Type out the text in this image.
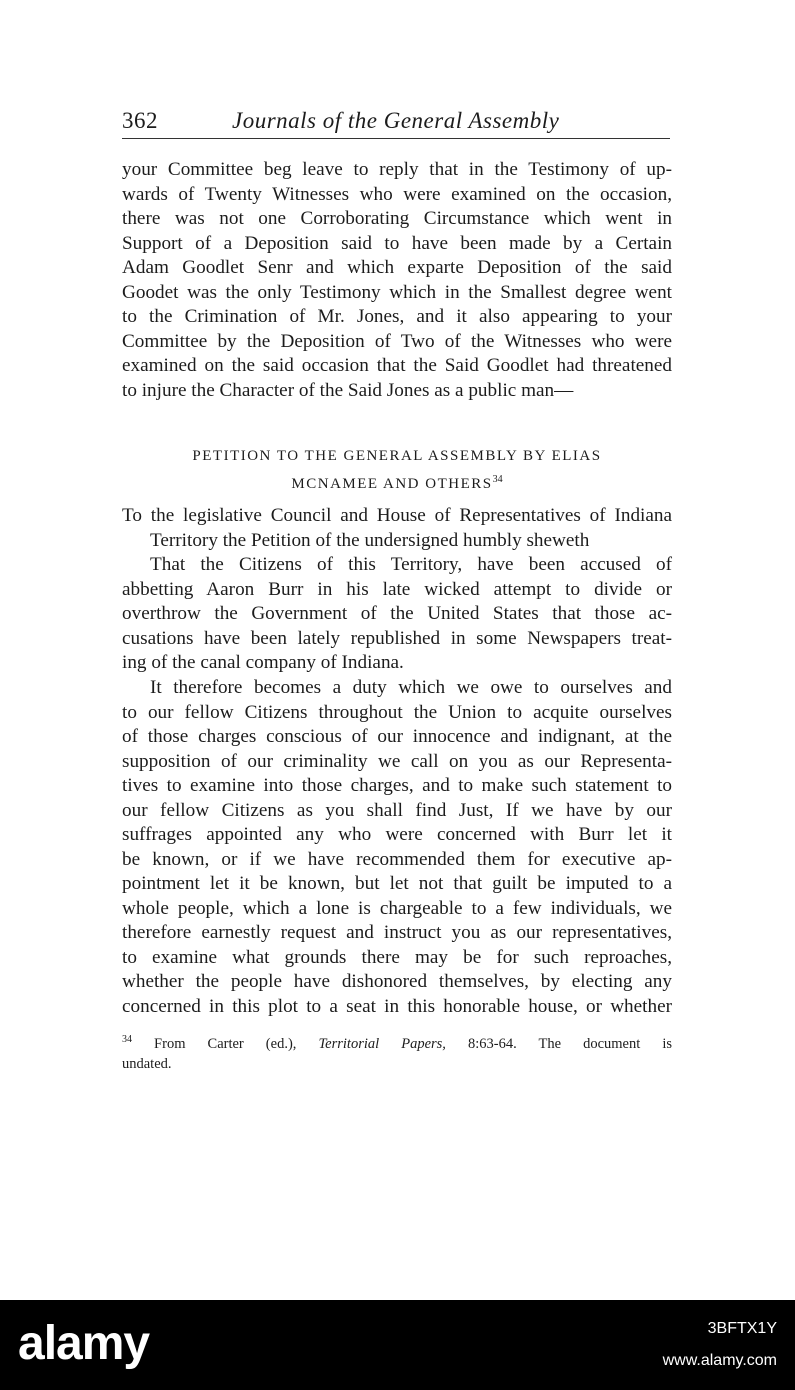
362	Journals of the General Assembly
your Committee beg leave to reply that in the Testimony of up-
wards of Twenty Witnesses who were examined on the occasion,
there was not one Corroborating Circumstance which went in
Support of a Deposition said to have been made by a Certain
Adam Goodlet Senr and which exparte Deposition of the said
Goodet was the only Testimony which in the Smallest degree went
to the Crimination of Mr. Jones, and it also appearing to your
Committee by the Deposition of Two of the Witnesses who were
examined on the said occasion that the Said Goodlet had threatened
to injure the Character of the Said Jones as a public man—
PETITION TO THE GENERAL ASSEMBLY BY ELIAS
MCNAMEE AND OTHERS$^{34}$
To the legislative Council and House of Representatives of Indiana
Territory the Petition of the undersigned humbly sheweth
That the Citizens of this Territory, have been accused of
abbetting Aaron Burr in his late wicked attempt to divide or
overthrow the Government of the United States that those ac-
cusations have been lately republished in some Newspapers treat-
ing of the canal company of Indiana.
It therefore becomes a duty which we owe to ourselves and
to our fellow Citizens throughout the Union to acquite ourselves
of those charges conscious of our innocence and indignant, at the
supposition of our criminality we call on you as our Representa-
tives to examine into those charges, and to make such statement to
our fellow Citizens as you shall find Just, If we have by our
suffrages appointed any who were concerned with Burr let it
be known, or if we have recommended them for executive ap-
pointment let it be known, but let not that guilt be imputed to a
whole people, which a lone is chargeable to a few individuals, we
therefore earnestly request and instruct you as our representatives,
to examine what grounds there may be for such reproaches,
whether the people have dishonored themselves, by electing any
concerned in this plot to a seat in this honorable house, or whether
$^{34}$ From Carter (ed.), Territorial Papers, 8:63-64. The document is
undated.
alamy	3BFTX1Y
www.alamy.com
